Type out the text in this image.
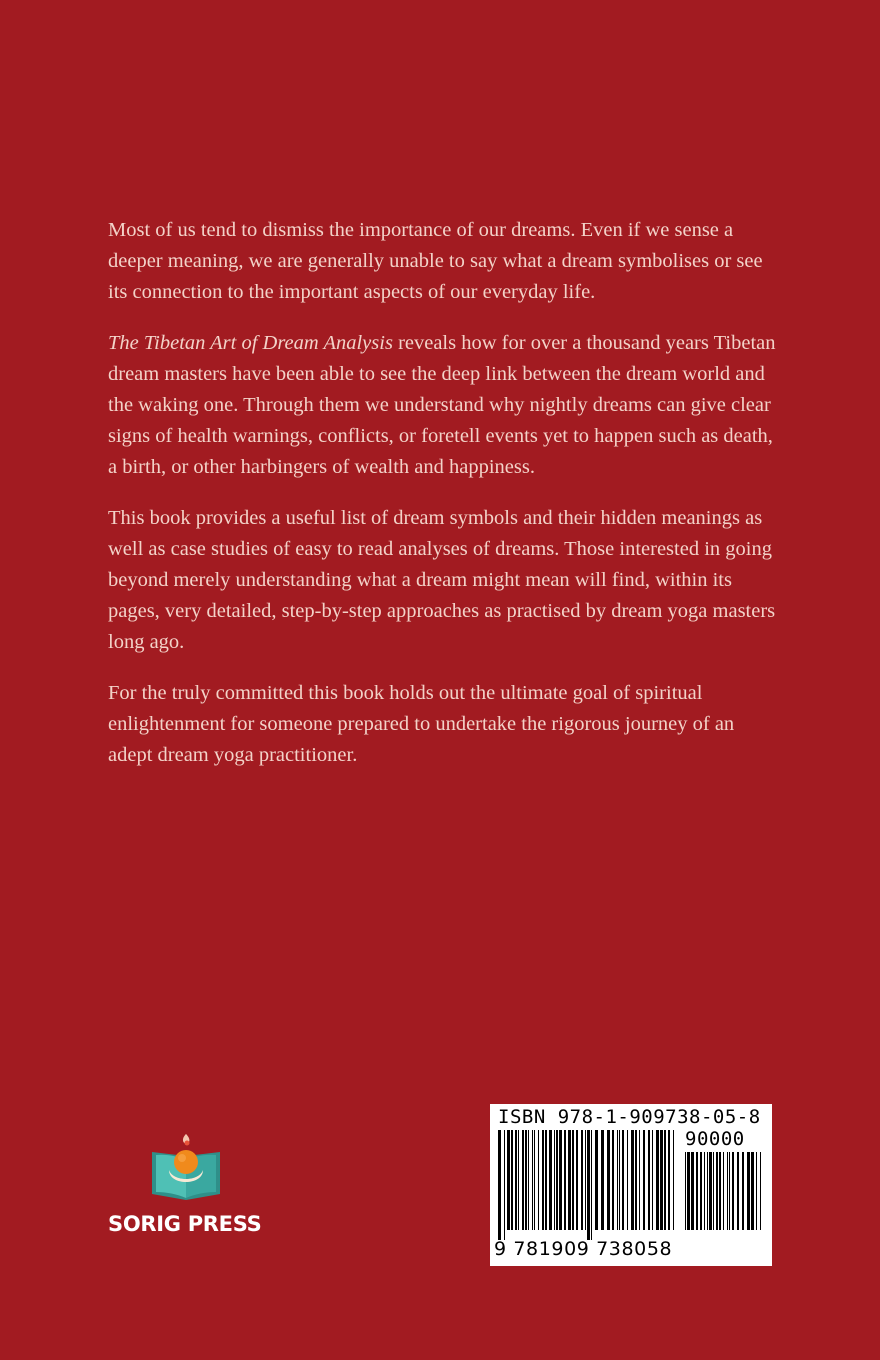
Most of us tend to dismiss the importance of our dreams. Even if we sense a deeper meaning, we are generally unable to say what a dream symbolises or see its connection to the important aspects of our everyday life.

The Tibetan Art of Dream Analysis reveals how for over a thousand years Tibetan dream masters have been able to see the deep link between the dream world and the waking one. Through them we understand why nightly dreams can give clear signs of health warnings, conflicts, or foretell events yet to happen such as death, a birth, or other harbingers of wealth and happiness.

This book provides a useful list of dream symbols and their hidden meanings as well as case studies of easy to read analyses of dreams. Those interested in going beyond merely understanding what a dream might mean will find, within its pages, very detailed, step-by-step approaches as practised by dream yoga masters long ago.

For the truly committed this book holds out the ultimate goal of spiritual enlightenment for someone prepared to undertake the rigorous journey of an adept dream yoga practitioner.

SORIG PRESS
ISBN 978-1-909738-05-8
90000
9 781909 738058
